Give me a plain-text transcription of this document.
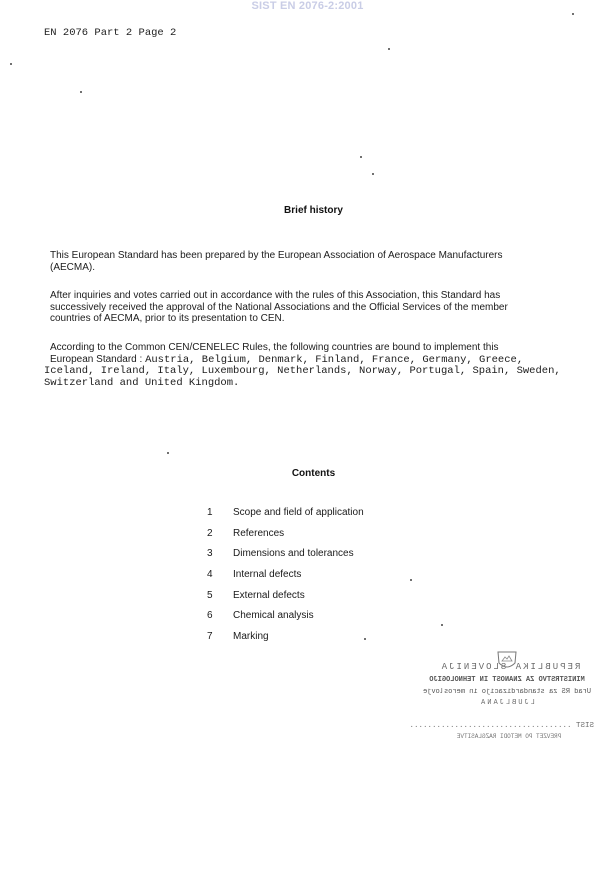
SIST EN 2076-2:2001
EN 2076 Part 2 Page 2
Brief history
This European Standard has been prepared by the European Association of Aerospace Manufacturers
(AECMA).
After inquiries and votes carried out in accordance with the rules of this Association, this Standard has
successively received the approval of the National Associations and the Official Services of the member
countries of AECMA, prior to its presentation to CEN.
According to the Common CEN/CENELEC Rules, the following countries are bound to implement this
European Standard : Austria, Belgium, Denmark, Finland, France, Germany, Greece,
Iceland, Ireland, Italy, Luxembourg, Netherlands, Norway, Portugal, Spain, Sweden,
Switzerland and United Kingdom.
Contents
1 Scope and field of application
2 References
3 Dimensions and tolerances
4 Internal defects
5 External defects
6 Chemical analysis
7 Marking
REPUBLIKA SLOVENIJA
MINISTRSTVO ZA ZNANOST IN TEHNOLOGIJO
Urad RS za standardizacijo in meroslovje
LJUBLJANA
SIST ....................................
PREVZET PO METODI RAZGLASITVE
